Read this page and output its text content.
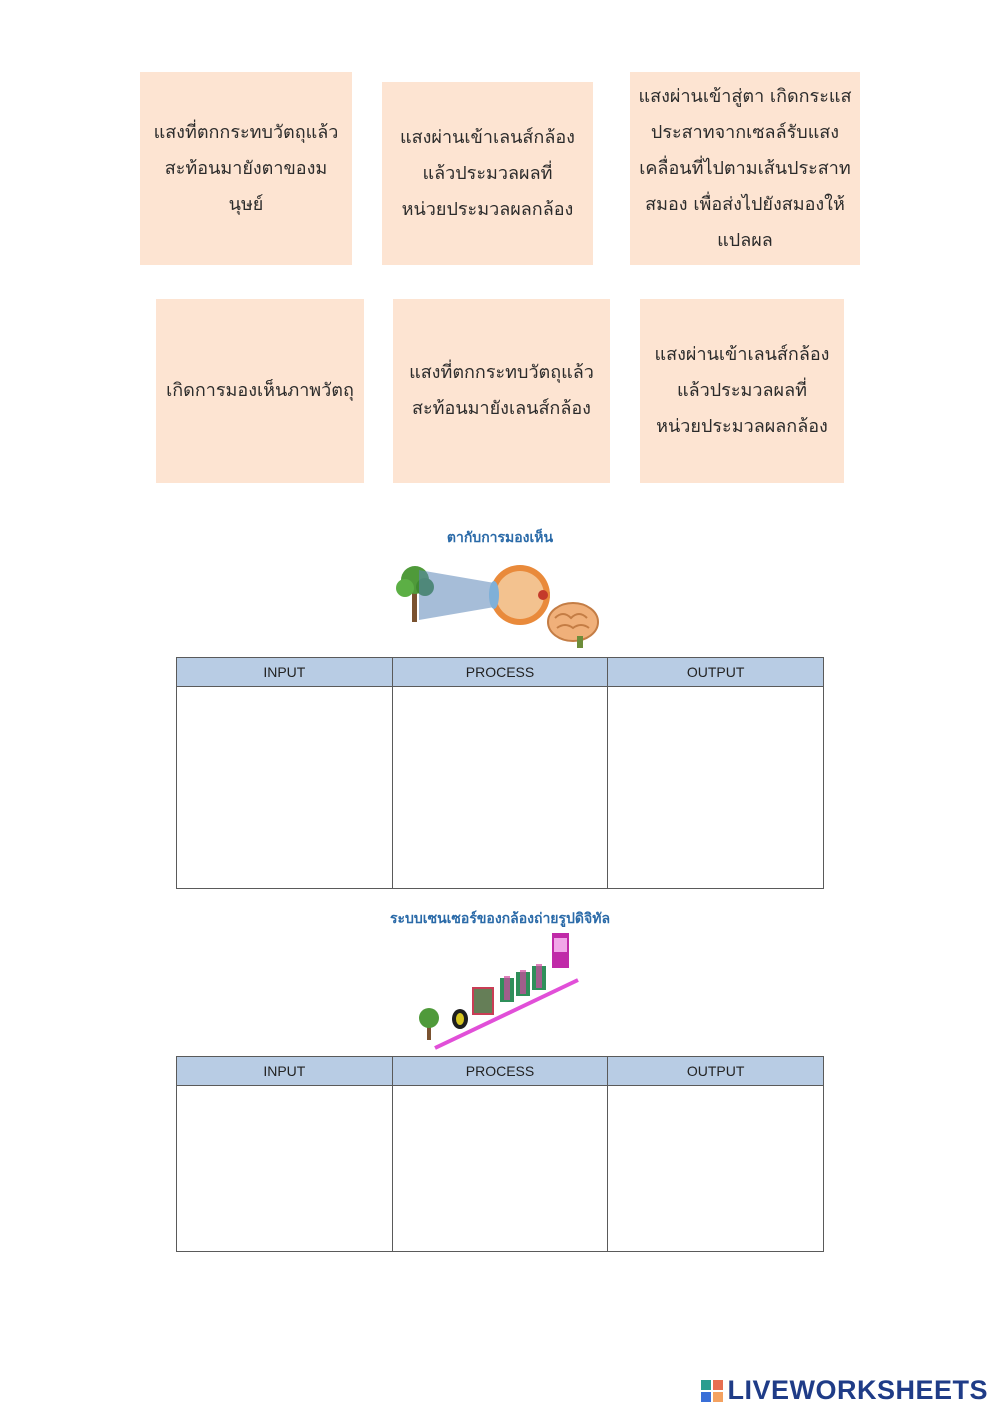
แสงที่ตกกระทบวัตถุแล้ว
สะท้อนมายังตาของมนุษย์
แสงผ่านเข้าเลนส์กล้อง
แล้วประมวลผลที่
หน่วยประมวลผลกล้อง
แสงผ่านเข้าสู่ตา เกิดกระแส
ประสาทจากเซลล์รับแสง
เคลื่อนที่ไปตามเส้นประสาท
สมอง เพื่อส่งไปยังสมองให้
แปลผล
เกิดการมองเห็นภาพวัตถุ
แสงที่ตกกระทบวัตถุแล้ว
สะท้อนมายังเลนส์กล้อง
แสงผ่านเข้าเลนส์กล้อง
แล้วประมวลผลที่
หน่วยประมวลผลกล้อง
ตากับการมองเห็น
INPUT	PROCESS	OUTPUT

ระบบเซนเซอร์ของกล้องถ่ายรูปดิจิทัล
INPUT	PROCESS	OUTPUT

LIVEWORKSHEETS
